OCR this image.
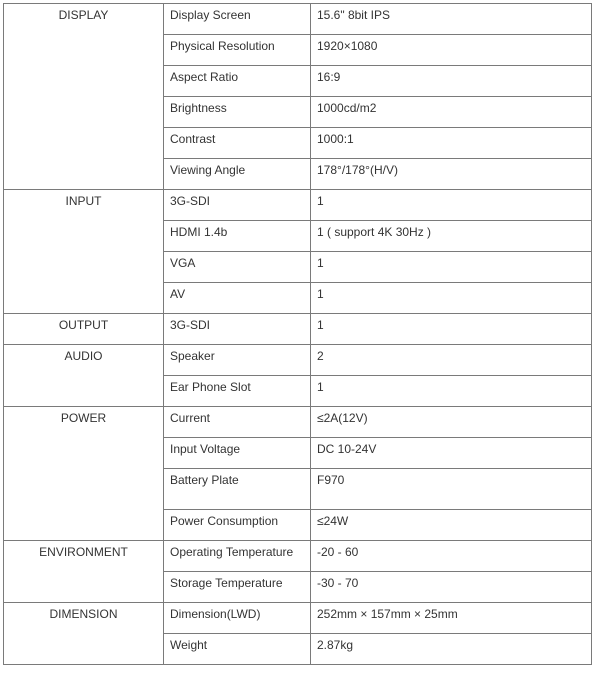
DISPLAY	Display Screen	15.6" 8bit IPS
	Physical Resolution	1920×1080
	Aspect Ratio	16:9
	Brightness	1000cd/m2
	Contrast	1000:1
	Viewing Angle	178°/178°(H/V)
INPUT	3G-SDI	1
	HDMI 1.4b	1 ( support 4K 30Hz )
	VGA	1
	AV	1
OUTPUT	3G-SDI	1
AUDIO	Speaker	2
	Ear Phone Slot	1
POWER	Current	≤2A(12V)
	Input Voltage	DC 10-24V
	Battery Plate	F970
	Power Consumption	≤24W
ENVIRONMENT	Operating Temperature	-20 - 60
	Storage Temperature	-30 - 70
DIMENSION	Dimension(LWD)	252mm × 157mm × 25mm
	Weight	2.87kg
